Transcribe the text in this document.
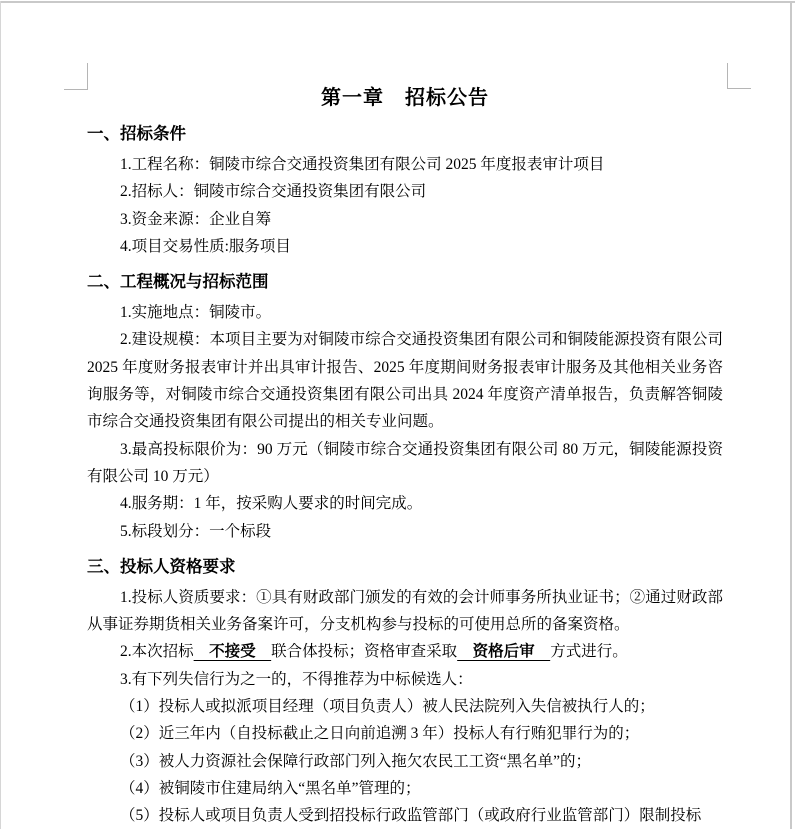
第一章　招标公告
一、招标条件

1.工程名称：铜陵市综合交通投资集团有限公司 2025 年度报表审计项目

2.招标人：铜陵市综合交通投资集团有限公司

3.资金来源：企业自筹

4.项目交易性质:服务项目

二、工程概况与招标范围

1.实施地点：铜陵市。

2.建设规模：本项目主要为对铜陵市综合交通投资集团有限公司和铜陵能源投资有限公司 2025 年度财务报表审计并出具审计报告、2025 年度期间财务报表审计服务及其他相关业务咨询服务等，对铜陵市综合交通投资集团有限公司出具 2024 年度资产清单报告，负责解答铜陵市综合交通投资集团有限公司提出的相关专业问题。

3.最高投标限价为：90 万元（铜陵市综合交通投资集团有限公司 80 万元，铜陵能源投资有限公司 10 万元）

4.服务期：1 年，按采购人要求的时间完成。

5.标段划分：一个标段

三、投标人资格要求

1.投标人资质要求：①具有财政部门颁发的有效的会计师事务所执业证书；②通过财政部从事证券期货相关业务备案许可，分支机构参与投标的可使用总所的备案资格。

2.本次招标　不接受　联合体投标；资格审查采取　资格后审　方式进行。

3.有下列失信行为之一的，不得推荐为中标候选人：

（1）投标人或拟派项目经理（项目负责人）被人民法院列入失信被执行人的；

（2）近三年内（自投标截止之日向前追溯 3 年）投标人有行贿犯罪行为的；

（3）被人力资源社会保障行政部门列入拖欠农民工工资“黑名单”的；

（4）被铜陵市住建局纳入“黑名单”管理的；

（5）投标人或项目负责人受到招投标行政监管部门（或政府行业监管部门）限制投标
